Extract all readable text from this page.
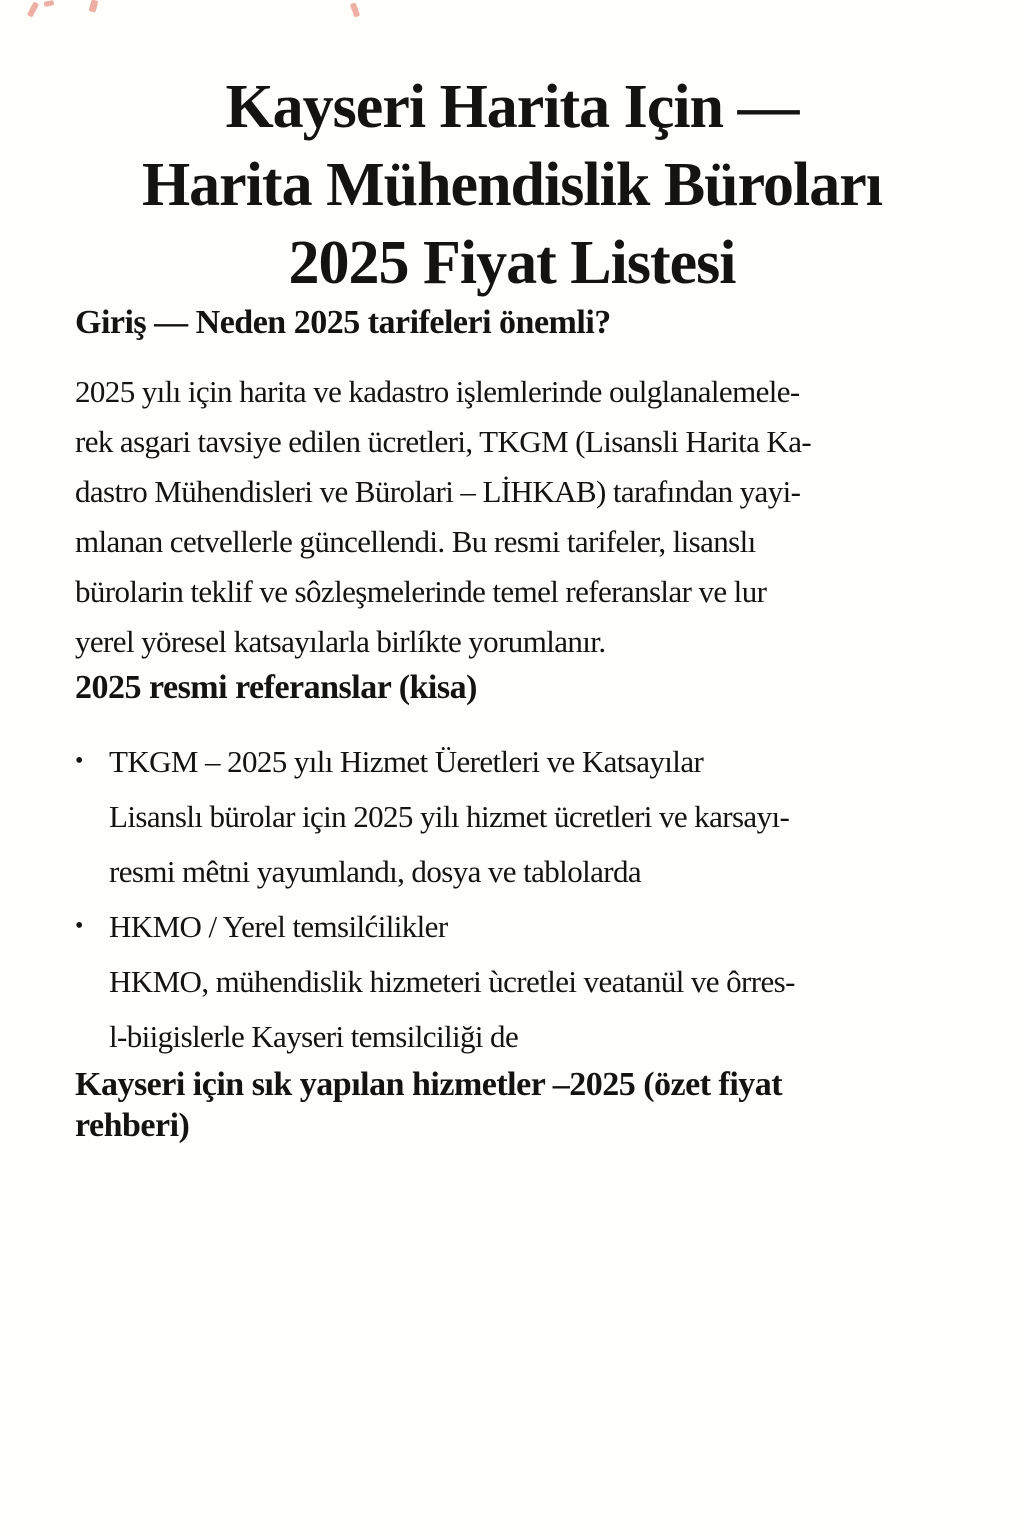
Kayseri Harita Için —
Harita Mühendislik Büroları
2025 Fiyat Listesi
Giriş — Neden 2025 tarifeleri önemli?
2025 yılı için harita ve kadastro işlemlerinde oulglanalemele-
rek asgari tavsiye edilen ücretleri, TKGM (Lisansli Harita Ka-
dastro Mühendisleri ve Bürolari – LİHKAB) tarafından yayi-
mlanan cetvellerle güncellendi. Bu resmi tarifeler, lisanslı
bürolarin teklif ve sôzleşmelerinde temel referanslar ve lur
yerel yöresel katsayılarla birlíkte yorumlanır.
2025 resmi referanslar (kisa)
• TKGM – 2025 yılı Hizmet Üeretleri ve Katsayılar
Lisanslı bürolar için 2025 yilı hizmet ücretleri ve karsayı-
resmi mêtni yayumlandı, dosya ve tablolarda
• HKMO / Yerel temsilćilikler
HKMO, mühendislik hizmeteri ùcretlei veatanül ve ôrres-
l-biigislerle Kayseri temsilciliği de
Kayseri için sık yapılan hizmetler –2025 (özet fiyat
rehberi)
